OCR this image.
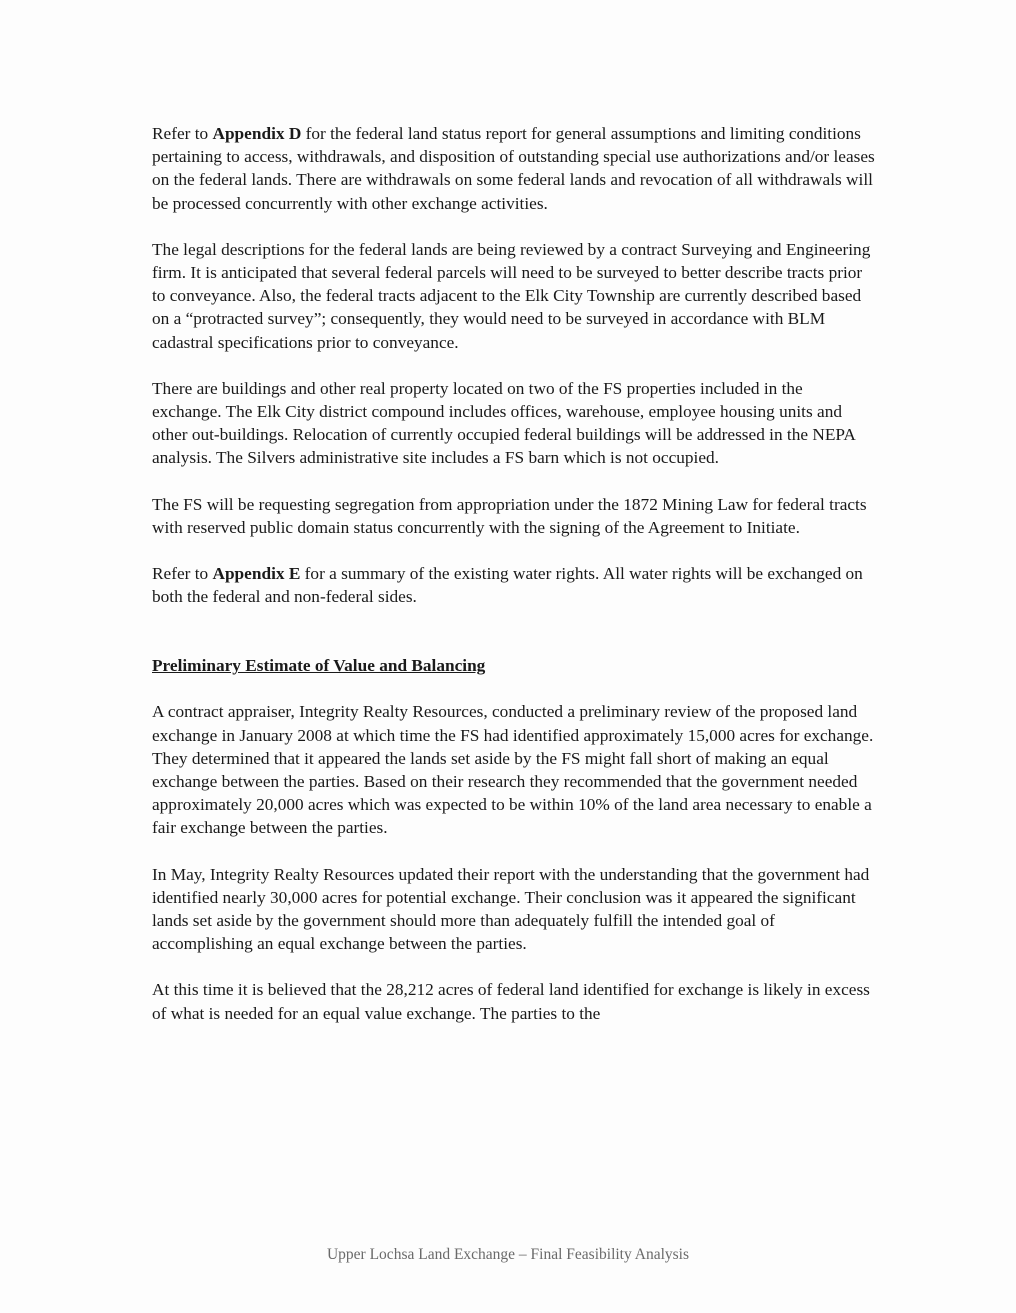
Refer to Appendix D for the federal land status report for general assumptions and limiting conditions pertaining to access, withdrawals, and disposition of outstanding special use authorizations and/or leases on the federal lands. There are withdrawals on some federal lands and revocation of all withdrawals will be processed concurrently with other exchange activities.

The legal descriptions for the federal lands are being reviewed by a contract Surveying and Engineering firm. It is anticipated that several federal parcels will need to be surveyed to better describe tracts prior to conveyance. Also, the federal tracts adjacent to the Elk City Township are currently described based on a “protracted survey”; consequently, they would need to be surveyed in accordance with BLM cadastral specifications prior to conveyance.

There are buildings and other real property located on two of the FS properties included in the exchange. The Elk City district compound includes offices, warehouse, employee housing units and other out-buildings. Relocation of currently occupied federal buildings will be addressed in the NEPA analysis. The Silvers administrative site includes a FS barn which is not occupied.

The FS will be requesting segregation from appropriation under the 1872 Mining Law for federal tracts with reserved public domain status concurrently with the signing of the Agreement to Initiate.

Refer to Appendix E for a summary of the existing water rights. All water rights will be exchanged on both the federal and non-federal sides.

Preliminary Estimate of Value and Balancing

A contract appraiser, Integrity Realty Resources, conducted a preliminary review of the proposed land exchange in January 2008 at which time the FS had identified approximately 15,000 acres for exchange. They determined that it appeared the lands set aside by the FS might fall short of making an equal exchange between the parties. Based on their research they recommended that the government needed approximately 20,000 acres which was expected to be within 10% of the land area necessary to enable a fair exchange between the parties.

In May, Integrity Realty Resources updated their report with the understanding that the government had identified nearly 30,000 acres for potential exchange. Their conclusion was it appeared the significant lands set aside by the government should more than adequately fulfill the intended goal of accomplishing an equal exchange between the parties.

At this time it is believed that the 28,212 acres of federal land identified for exchange is likely in excess of what is needed for an equal value exchange. The parties to the

Upper Lochsa Land Exchange – Final Feasibility Analysis
